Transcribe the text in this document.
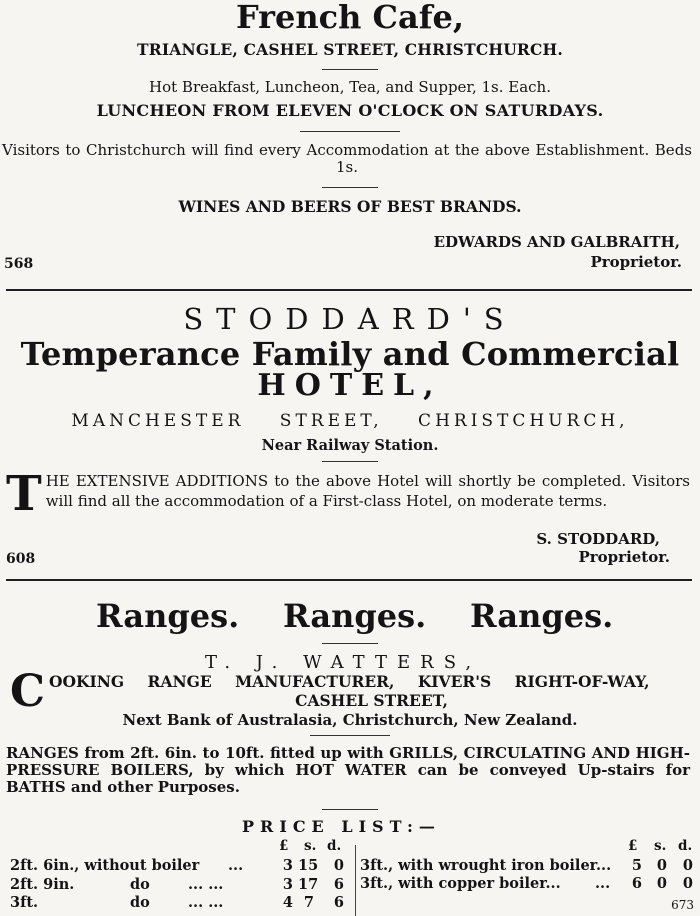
French Cafe,
TRIANGLE, CASHEL STREET, CHRISTCHURCH.
Hot Breakfast, Luncheon, Tea, and Supper, 1s. Each.
LUNCHEON FROM ELEVEN O'CLOCK ON SATURDAYS.
Visitors to Christchurch will find every Accommodation at the above Establishment. Beds 1s.
WINES AND BEERS OF BEST BRANDS.
EDWARDS AND GALBRAITH,
568	Proprietor.
STODDARD'S
Temperance Family and Commercial
HOTEL,
MANCHESTER STREET, CHRISTCHURCH,
Near Railway Station.
THE EXTENSIVE ADDITIONS to the above Hotel will shortly be completed. Visitors will find all the accommodation of a First-class Hotel, on moderate terms.
S. STODDARD,
608	Proprietor.
Ranges. Ranges. Ranges.
T. J. WATTERS,
C OOKING RANGE MANUFACTURER, KIVER'S RIGHT-OF-WAY,
CASHEL STREET,
Next Bank of Australasia, Christchurch, New Zealand.
RANGES from 2ft. 6in. to 10ft. fitted up with GRILLS, CIRCULATING AND HIGH-PRESSURE BOILERS, by which HOT WATER can be conveyed Up-stairs for BATHS and other Purposes.
PRICE LIST:—
£ s. d.	£ s. d.
2ft. 6in., without boiler ...	3 15	0
2ft. 9in.	do	... ...	3 17	6
3ft.	do	... ...	4 7	6
3ft., with wrought iron boiler...	5	0	0
3ft., with copper boiler... ...	6	0	0
673
